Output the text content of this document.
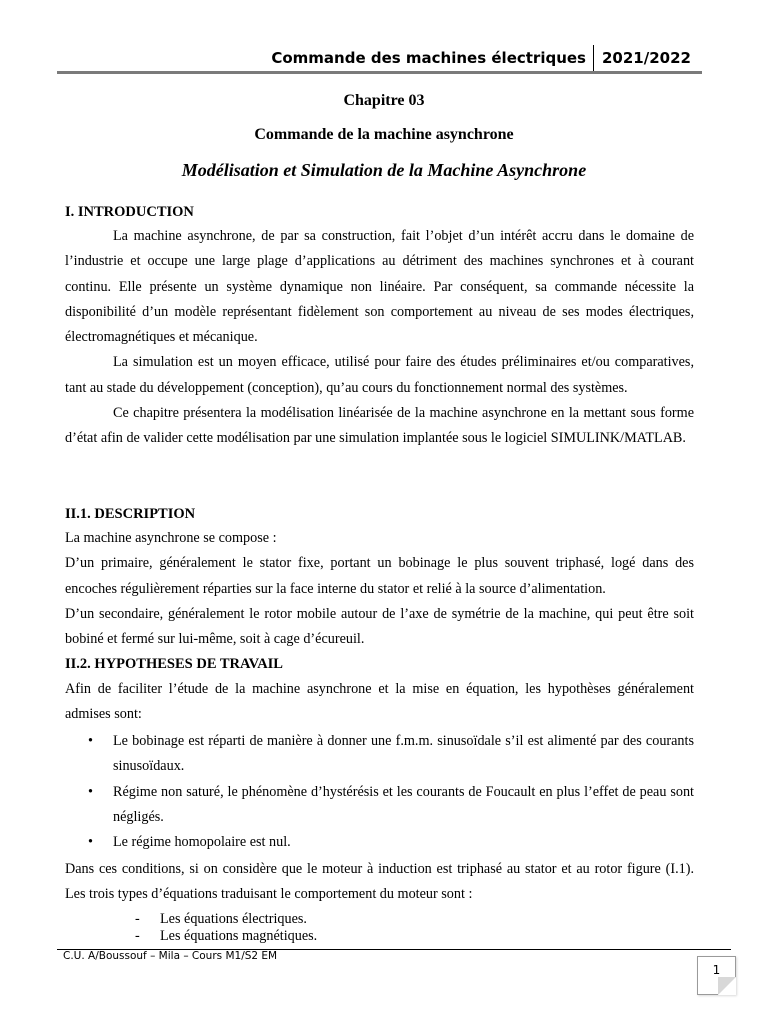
Commande des machines électriques 2021/2022
Chapitre 03
Commande de la machine asynchrone
Modélisation et Simulation de la Machine Asynchrone
I. INTRODUCTION

La machine asynchrone, de par sa construction, fait l’objet d’un intérêt accru dans le domaine de l’industrie et occupe une large plage d’applications au détriment des machines synchrones et à courant continu. Elle présente un système dynamique non linéaire. Par conséquent, sa commande nécessite la disponibilité d’un modèle représentant fidèlement son comportement au niveau de ses modes électriques, électromagnétiques et mécanique.

La simulation est un moyen efficace, utilisé pour faire des études préliminaires et/ou comparatives, tant au stade du développement (conception), qu’au cours du fonctionnement normal des systèmes.

Ce chapitre présentera la modélisation linéarisée de la machine asynchrone en la mettant sous forme d’état afin de valider cette modélisation par une simulation implantée sous le logiciel SIMULINK/MATLAB.

II.1. DESCRIPTION

La machine asynchrone se compose :

D’un primaire, généralement le stator fixe, portant un bobinage le plus souvent triphasé, logé dans des encoches régulièrement réparties sur la face interne du stator et relié à la source d’alimentation.

D’un secondaire, généralement le rotor mobile autour de l’axe de symétrie de la machine, qui peut être soit bobiné et fermé sur lui-même, soit à cage d’écureuil.

II.2. HYPOTHESES DE TRAVAIL

Afin de faciliter l’étude de la machine asynchrone et la mise en équation, les hypothèses généralement admises sont:

• Le bobinage est réparti de manière à donner une f.m.m. sinusoïdale s’il est alimenté par des courants sinusoïdaux.
• Régime non saturé, le phénomène d’hystérésis et les courants de Foucault en plus l’effet de peau sont négligés.
• Le régime homopolaire est nul.

Dans ces conditions, si on considère que le moteur à induction est triphasé au stator et au rotor figure (I.1). Les trois types d’équations traduisant le comportement du moteur sont :

- Les équations électriques.
- Les équations magnétiques.
C.U. A/Boussouf – Mila – Cours M1/S2 EM
1
